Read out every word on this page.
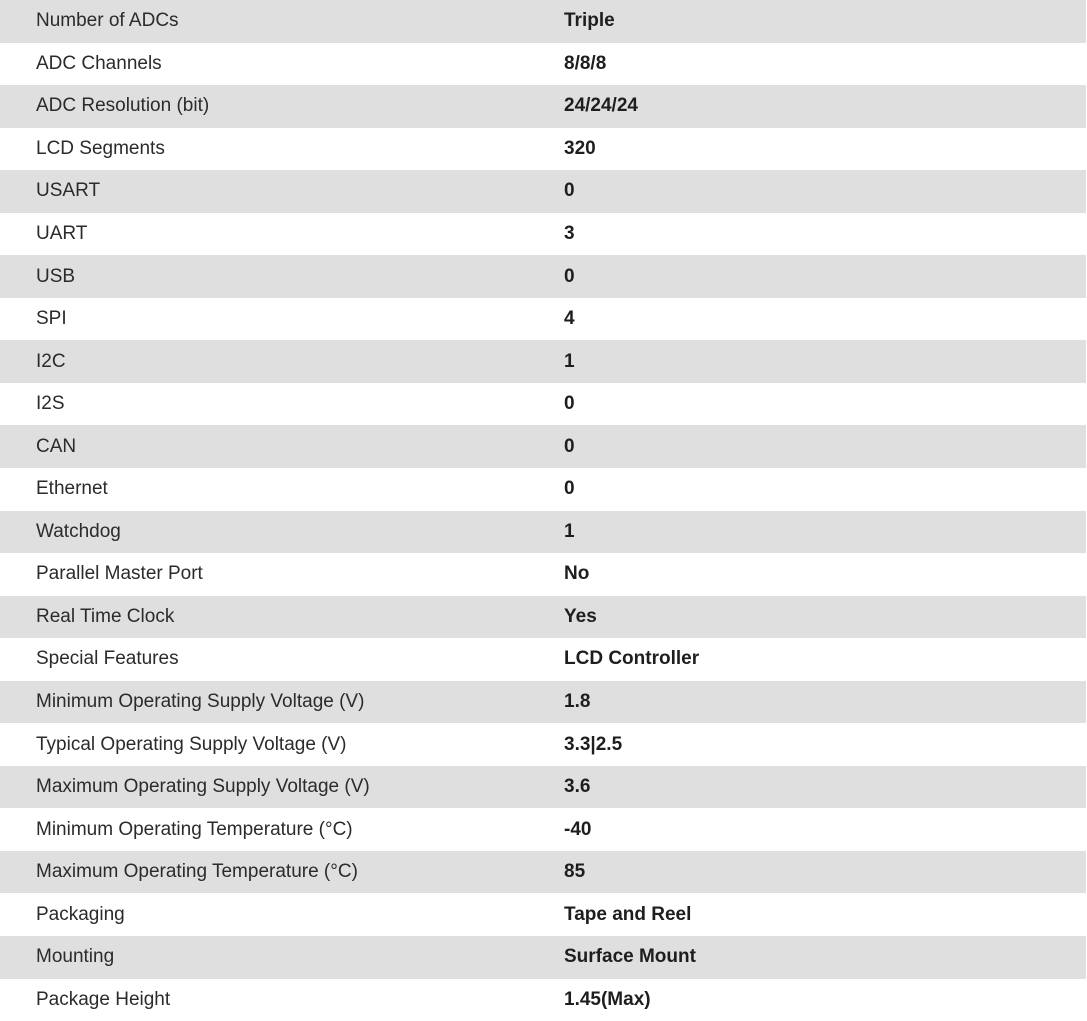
Number of ADCs	Triple
ADC Channels	8/8/8
ADC Resolution (bit)	24/24/24
LCD Segments	320
USART	0
UART	3
USB	0
SPI	4
I2C	1
I2S	0
CAN	0
Ethernet	0
Watchdog	1
Parallel Master Port	No
Real Time Clock	Yes
Special Features	LCD Controller
Minimum Operating Supply Voltage (V)	1.8
Typical Operating Supply Voltage (V)	3.3|2.5
Maximum Operating Supply Voltage (V)	3.6
Minimum Operating Temperature (°C)	-40
Maximum Operating Temperature (°C)	85
Packaging	Tape and Reel
Mounting	Surface Mount
Package Height	1.45(Max)
